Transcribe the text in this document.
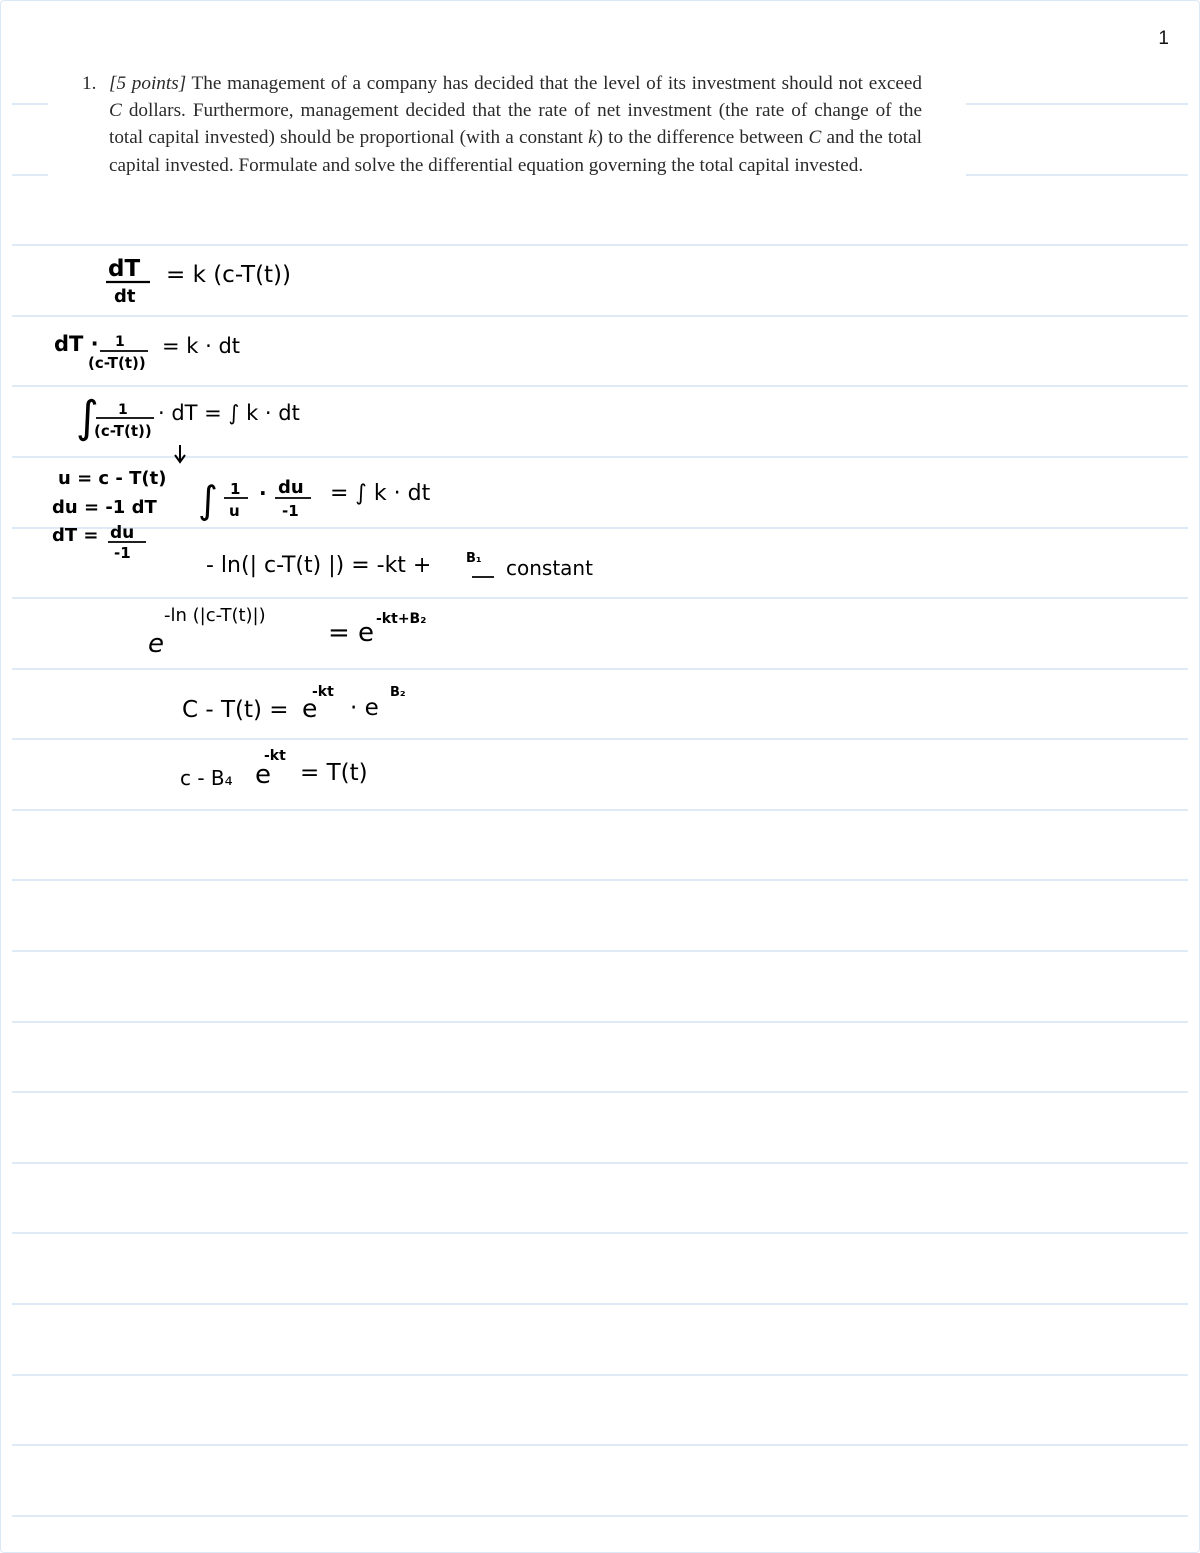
1
1. [5 points] The management of a company has decided that the level of its investment should not exceed C dollars. Furthermore, management decided that the rate of net investment (the rate of change of the total capital invested) should be proportional (with a constant k) to the difference between C and the total capital invested. Formulate and solve the differential equation governing the total capital invested.
dT
dt
= k (c-T(t))
dT · 1
(c-T(t))
= k · dt
∫ 1
(c-T(t))
· dT = ∫ k · dt
u = c - T(t)
du = -1 dT
dT = du
-1
∫ 1
u
· du
-1
= ∫ k · dt
- ln(| c-T(t) |) = -kt +	B₁ constant
e
-ln (|c-T(t)|)
= e -kt+B₂
C - T(t) = e
-kt
· e
B₂
c - B₄ e
-kt
= T(t)
